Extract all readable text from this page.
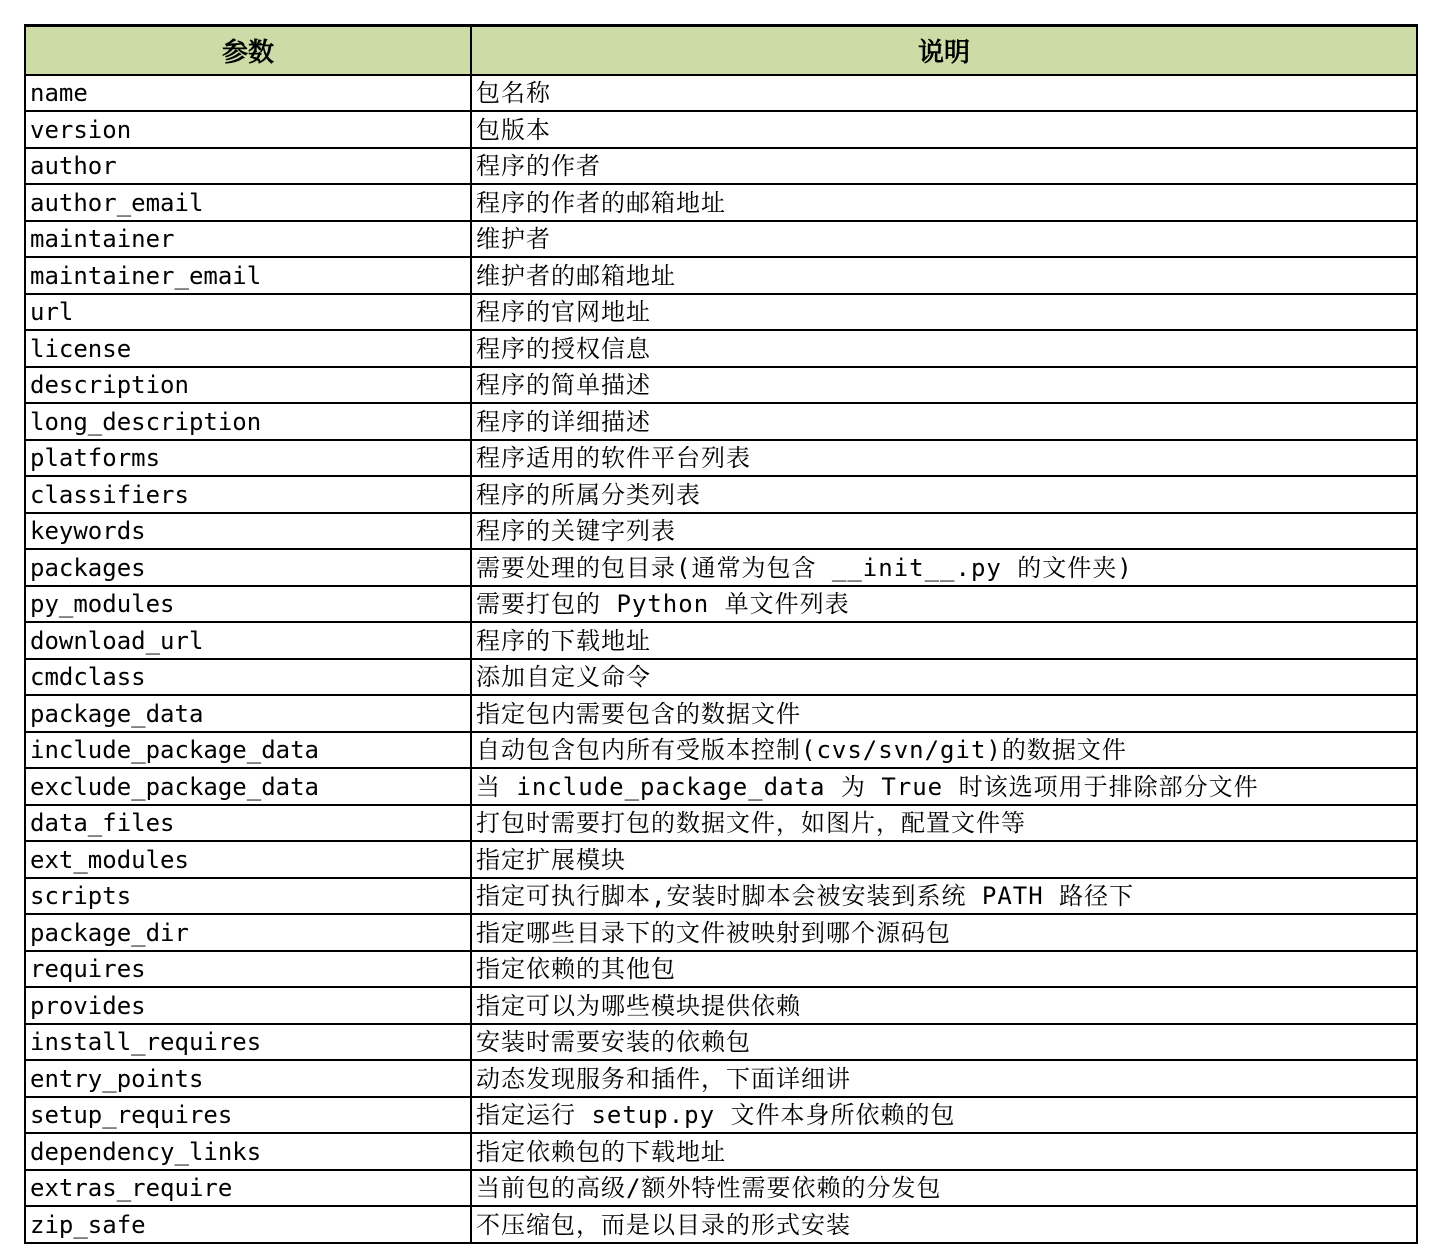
参数	说明
name	包名称
version	包版本
author	程序的作者
author_email	程序的作者的邮箱地址
maintainer	维护者
maintainer_email	维护者的邮箱地址
url	程序的官网地址
license	程序的授权信息
description	程序的简单描述
long_description	程序的详细描述
platforms	程序适用的软件平台列表
classifiers	程序的所属分类列表
keywords	程序的关键字列表
packages	需要处理的包目录(通常为包含 __init__.py 的文件夹)
py_modules	需要打包的 Python 单文件列表
download_url	程序的下载地址
cmdclass	添加自定义命令
package_data	指定包内需要包含的数据文件
include_package_data	自动包含包内所有受版本控制(cvs/svn/git)的数据文件
exclude_package_data	当 include_package_data 为 True 时该选项用于排除部分文件
data_files	打包时需要打包的数据文件，如图片，配置文件等
ext_modules	指定扩展模块
scripts	指定可执行脚本,安装时脚本会被安装到系统 PATH 路径下
package_dir	指定哪些目录下的文件被映射到哪个源码包
requires	指定依赖的其他包
provides	指定可以为哪些模块提供依赖
install_requires	安装时需要安装的依赖包
entry_points	动态发现服务和插件，下面详细讲
setup_requires	指定运行 setup.py 文件本身所依赖的包
dependency_links	指定依赖包的下载地址
extras_require	当前包的高级/额外特性需要依赖的分发包
zip_safe	不压缩包，而是以目录的形式安装
